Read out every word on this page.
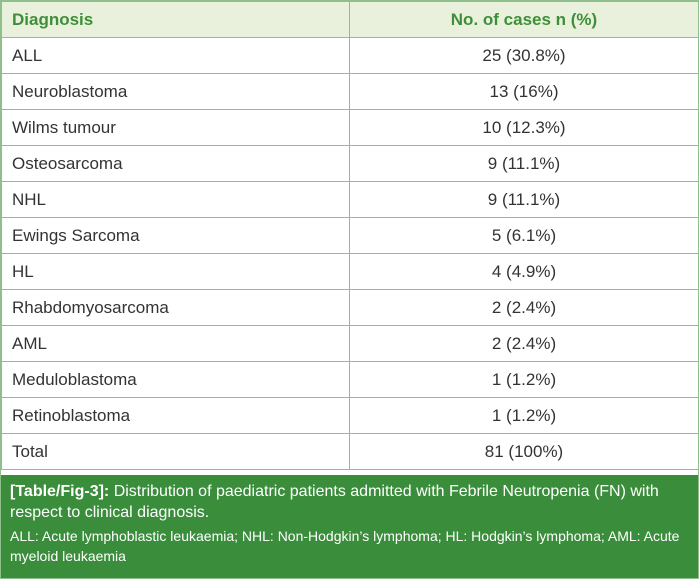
Diagnosis	No. of cases n (%)
ALL	25 (30.8%)
Neuroblastoma	13 (16%)
Wilms tumour	10 (12.3%)
Osteosarcoma	9 (11.1%)
NHL	9 (11.1%)
Ewings Sarcoma	5 (6.1%)
HL	4 (4.9%)
Rhabdomyosarcoma	2 (2.4%)
AML	2 (2.4%)
Meduloblastoma	1 (1.2%)
Retinoblastoma	1 (1.2%)
Total	81 (100%)
[Table/Fig-3]: Distribution of paediatric patients admitted with Febrile Neutropenia (FN) with respect to clinical diagnosis.
ALL: Acute lymphoblastic leukaemia; NHL: Non-Hodgkin’s lymphoma; HL: Hodgkin’s lymphoma; AML: Acute myeloid leukaemia
